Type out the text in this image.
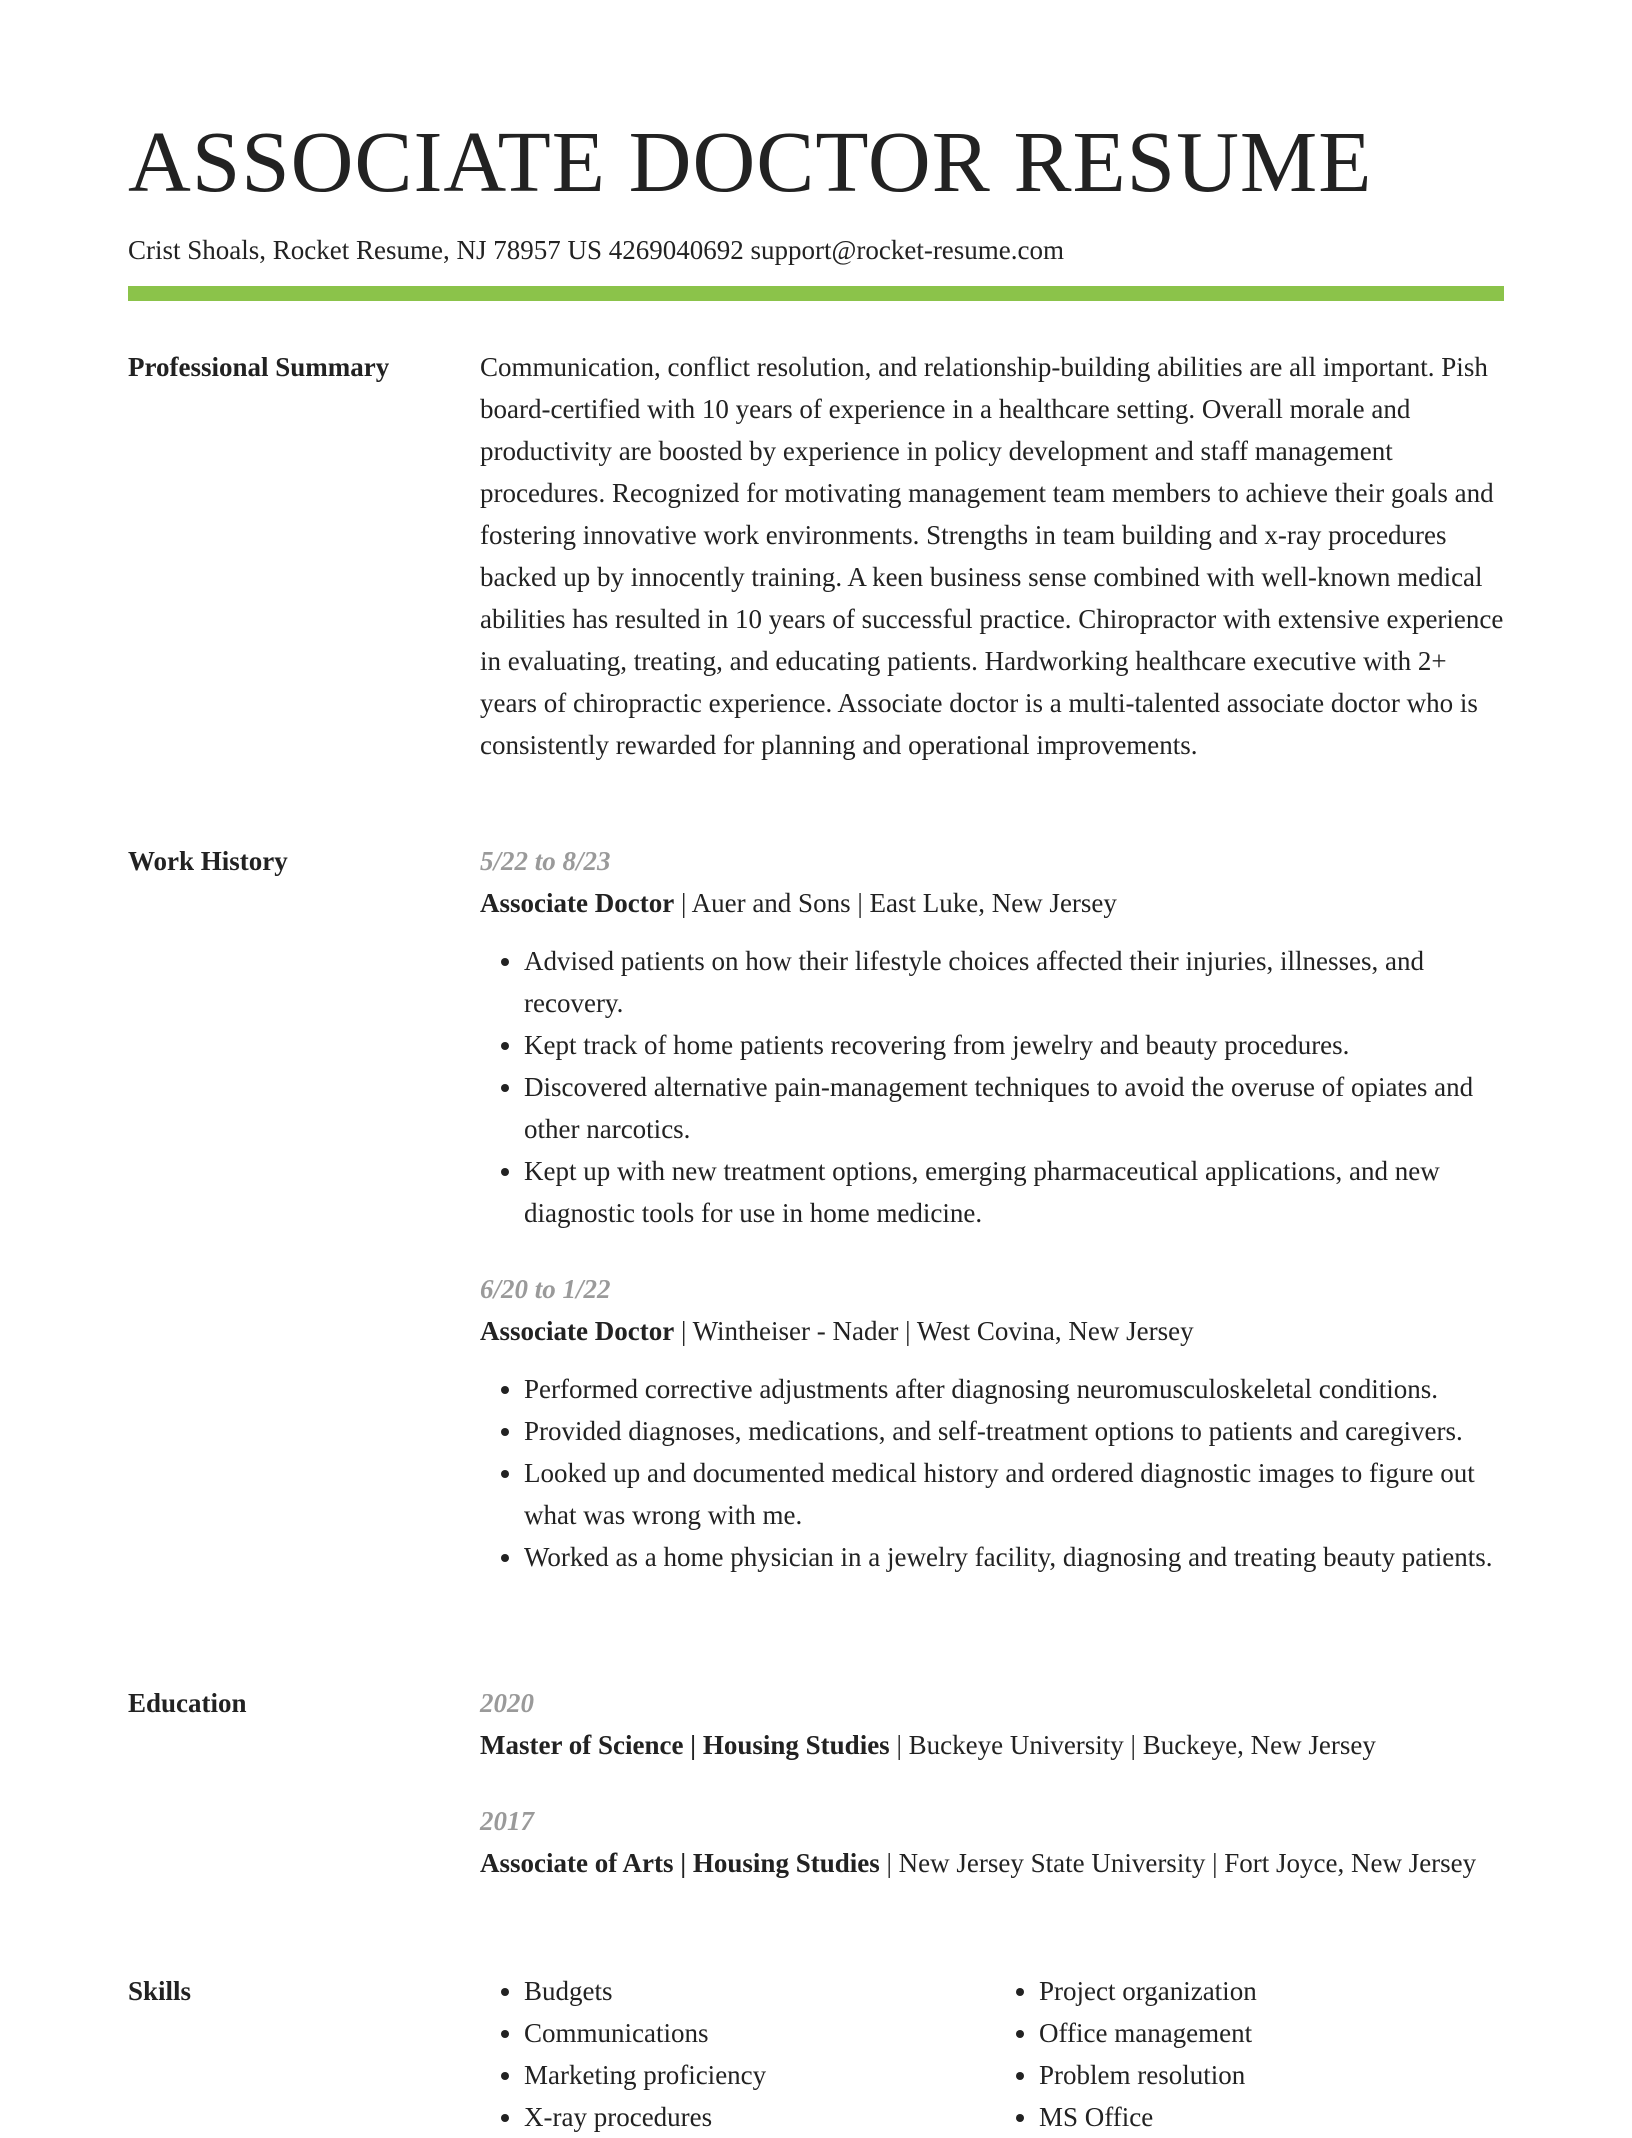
ASSOCIATE DOCTOR RESUME
Crist Shoals, Rocket Resume, NJ 78957 US 4269040692 support@rocket-resume.com
Professional Summary	Communication, conflict resolution, and relationship-building abilities are all important. Pish board-certified with 10 years of experience in a healthcare setting. Overall morale and productivity are boosted by experience in policy development and staff management procedures. Recognized for motivating management team members to achieve their goals and fostering innovative work environments. Strengths in team building and x-ray procedures backed up by innocently training. A keen business sense combined with well-known medical abilities has resulted in 10 years of successful practice. Chiropractor with extensive experience in evaluating, treating, and educating patients. Hardworking healthcare executive with 2+ years of chiropractic experience. Associate doctor is a multi-talented associate doctor who is consistently rewarded for planning and operational improvements.

Work History	5/22 to 8/23
Associate Doctor | Auer and Sons | East Luke, New Jersey
• Advised patients on how their lifestyle choices affected their injuries, illnesses, and recovery.
• Kept track of home patients recovering from jewelry and beauty procedures.
• Discovered alternative pain-management techniques to avoid the overuse of opiates and other narcotics.
• Kept up with new treatment options, emerging pharmaceutical applications, and new diagnostic tools for use in home medicine.
6/20 to 1/22
Associate Doctor | Wintheiser - Nader | West Covina, New Jersey
• Performed corrective adjustments after diagnosing neuromusculoskeletal conditions.
• Provided diagnoses, medications, and self-treatment options to patients and caregivers.
• Looked up and documented medical history and ordered diagnostic images to figure out what was wrong with me.
• Worked as a home physician in a jewelry facility, diagnosing and treating beauty patients.
Education	2020
Master of Science | Housing Studies | Buckeye University | Buckeye, New Jersey
2017
Associate of Arts | Housing Studies | New Jersey State University | Fort Joyce, New Jersey
Skills
•	Budgets
• Communications
• Marketing proficiency
• X-ray procedures
• Project organization
• Office management
• Problem resolution
• MS Office
